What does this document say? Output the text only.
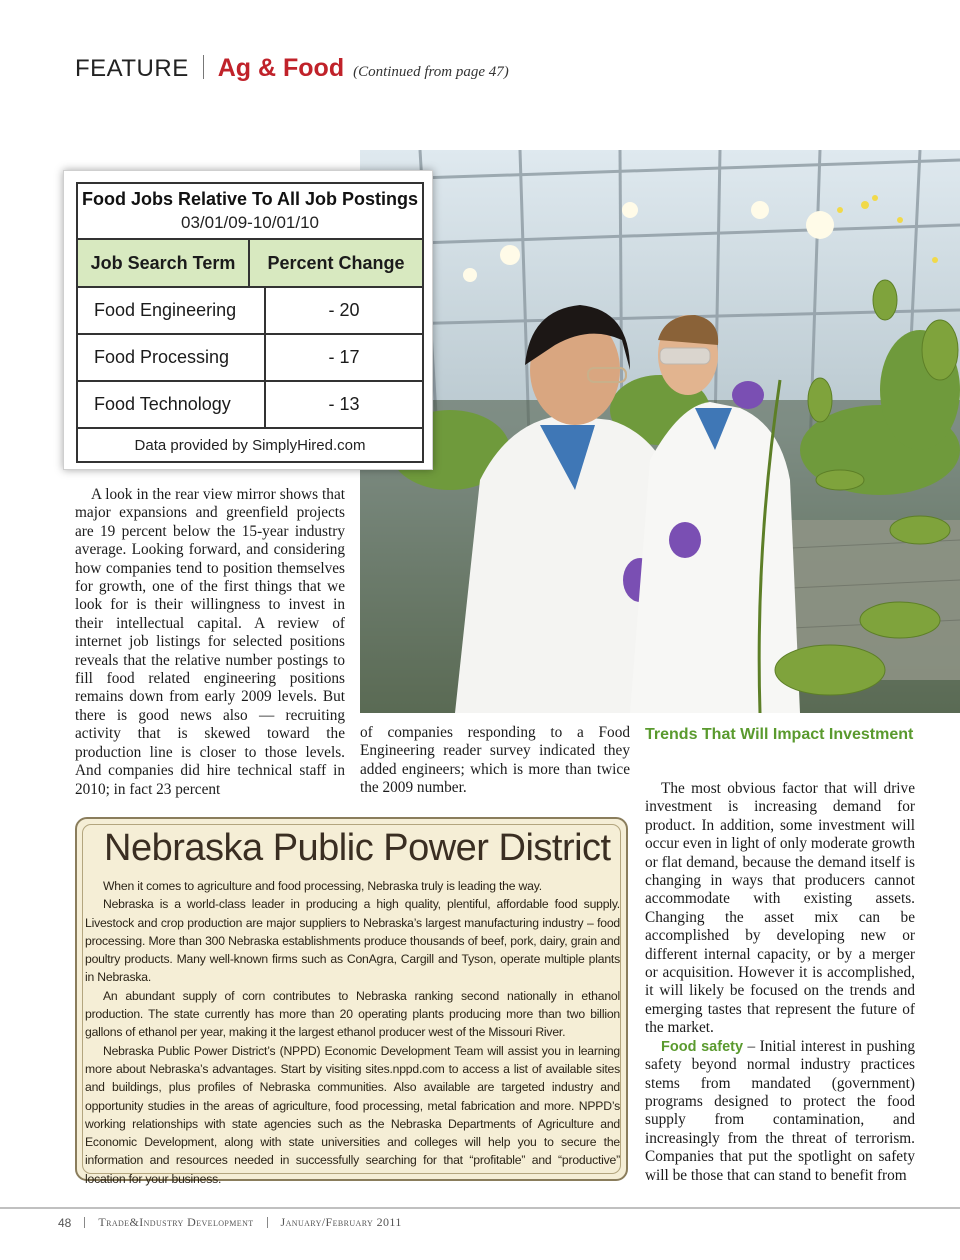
FEATURE Ag & Food (Continued from page 47)
Food Jobs Relative To All Job Postings
03/01/09-10/01/10
Job Search Term	Percent Change
Food Engineering	- 20
Food Processing	- 17
Food Technology	- 13
Data provided by SimplyHired.com

A look in the rear view mirror shows that major expansions and greenfield projects are 19 percent below the 15-year industry average. Looking forward, and considering how companies tend to position themselves for growth, one of the first things that we look for is their willingness to invest in their intellectual capital. A review of internet job listings for selected positions reveals that the relative number postings to fill food related engineering positions remains down from early 2009 levels. But there is good news also — recruiting activity that is skewed toward the production line is closer to those levels. And companies did hire technical staff in 2010; in fact 23 percent

of companies responding to a Food Engineering reader survey indicated they added engineers; which is more than twice the 2009 number.

Trends That Will Impact Investment

The most obvious factor that will drive investment is increasing demand for product. In addition, some investment will occur even in light of only moderate growth or flat demand, because the demand itself is changing in ways that producers cannot accommodate with existing assets. Changing the asset mix can be accomplished by developing new or different internal capacity, or by a merger or acquisition. However it is accomplished, it will likely be focused on the trends and emerging tastes that represent the future of the market.

Food safety – Initial interest in pushing safety beyond normal industry practices stems from mandated (government) programs designed to protect the food supply from contamination, and increasingly from the threat of terrorism. Companies that put the spotlight on safety will be those that can stand to benefit from

Nebraska Public Power District

When it comes to agriculture and food processing, Nebraska truly is leading the way.

Nebraska is a world-class leader in producing a high quality, plentiful, affordable food supply. Livestock and crop production are major suppliers to Nebraska’s largest manufacturing industry – food processing. More than 300 Nebraska establishments produce thousands of beef, pork, dairy, grain and poultry products. Many well-known firms such as ConAgra, Cargill and Tyson, operate multiple plants in Nebraska.

An abundant supply of corn contributes to Nebraska ranking second nationally in ethanol production. The state currently has more than 20 operating plants producing more than two billion gallons of ethanol per year, making it the largest ethanol producer west of the Missouri River.

Nebraska Public Power District’s (NPPD) Economic Development Team will assist you in learning more about Nebraska’s advantages. Start by visiting sites.nppd.com to access a list of available sites and buildings, plus profiles of Nebraska communities. Also available are targeted industry and opportunity studies in the areas of agriculture, food processing, metal fabrication and more. NPPD’s working relationships with state agencies such as the Nebraska Departments of Agriculture and Economic Development, along with state universities and colleges will help you to secure the information and resources needed in successfully searching for that “profitable” and “productive” location for your business.

48 Trade&Industry Development January/February 2011
